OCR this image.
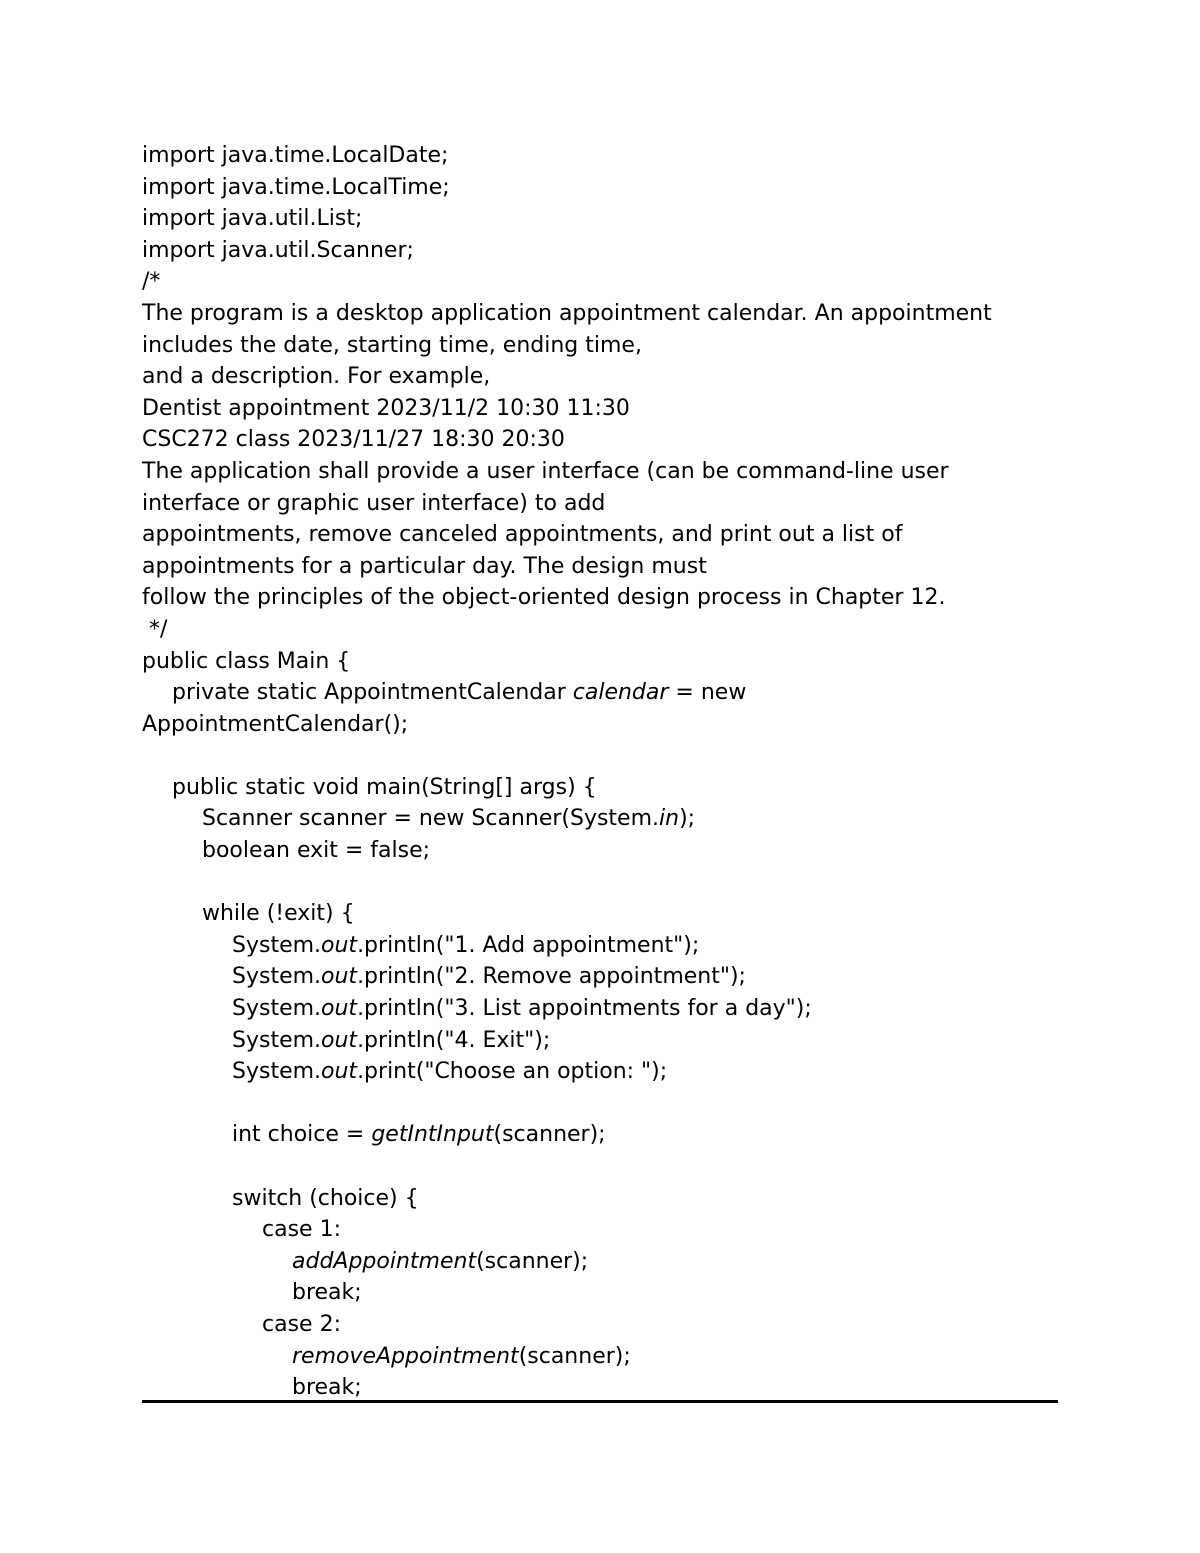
import java.time.LocalDate;
import java.time.LocalTime;
import java.util.List;
import java.util.Scanner;
/*
The program is a desktop application appointment calendar. An appointment
includes the date, starting time, ending time,
and a description. For example,
Dentist appointment 2023/11/2 10:30 11:30
CSC272 class 2023/11/27 18:30 20:30
The application shall provide a user interface (can be command-line user
interface or graphic user interface) to add
appointments, remove canceled appointments, and print out a list of
appointments for a particular day. The design must
follow the principles of the object-oriented design process in Chapter 12.
*/
public class Main {
private static AppointmentCalendar calendar = new
AppointmentCalendar();
public static void main(String[] args) {
Scanner scanner = new Scanner(System.in);
boolean exit = false;
while (!exit) {
System.out.println("1. Add appointment");
System.out.println("2. Remove appointment");
System.out.println("3. List appointments for a day");
System.out.println("4. Exit");
System.out.print("Choose an option: ");
int choice = getIntInput(scanner);
switch (choice) {
case 1:
addAppointment(scanner);
break;
case 2:
removeAppointment(scanner);
break;
